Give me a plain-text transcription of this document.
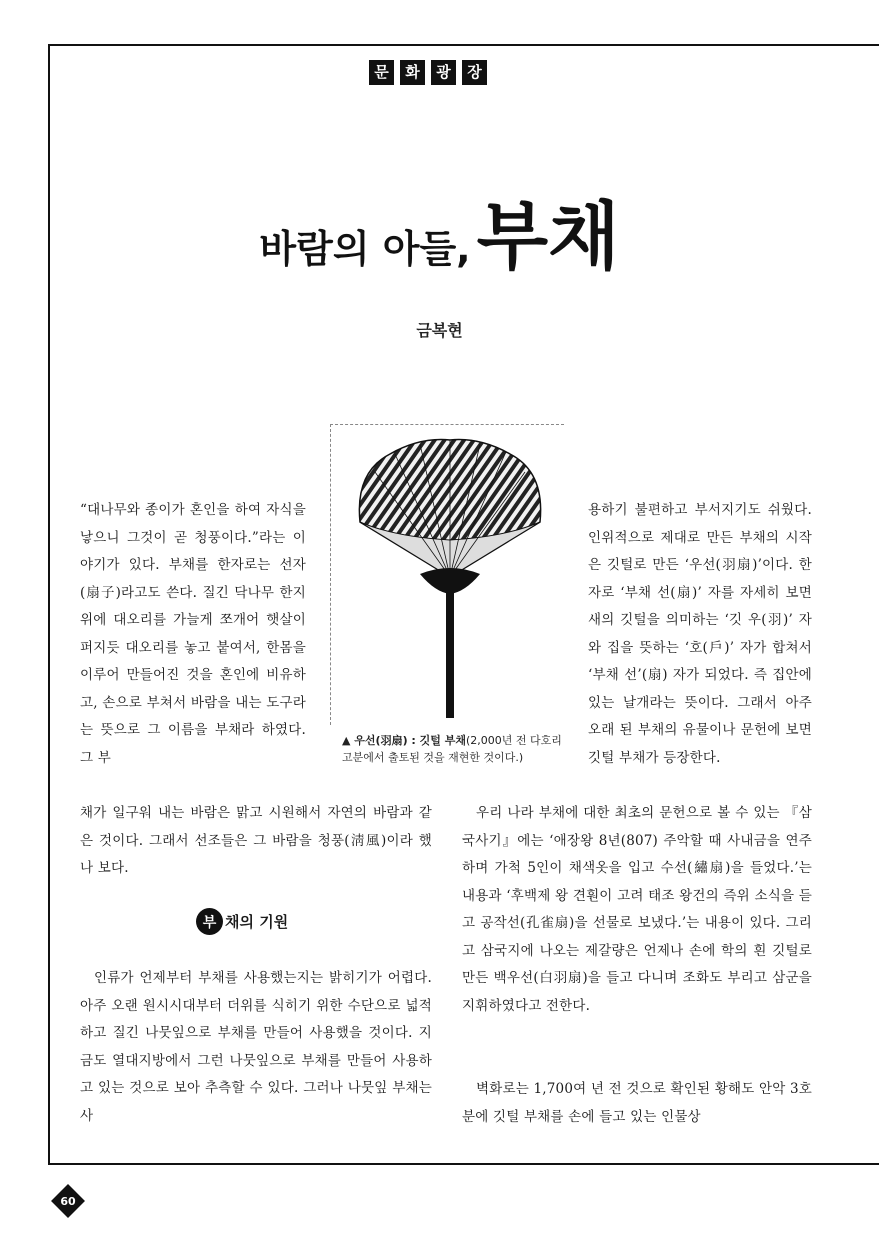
문	화	광	장
바람의 아들,부채
금복현
▲ 우선(羽扇) : 깃털 부채(2,000년 전 다호리 고분에서 출토된 것을 재현한 것이다.)

“대나무와 종이가 혼인을 하여 자식을 낳으니 그것이 곧 청풍이다.”라는 이야기가 있다. 부채를 한자로는 선자(扇子)라고도 쓴다. 질긴 닥나무 한지 위에 대오리를 가늘게 쪼개어 햇살이 퍼지듯 대오리를 놓고 붙여서, 한몸을 이루어 만들어진 것을 혼인에 비유하고, 손으로 부쳐서 바람을 내는 도구라는 뜻으로 그 이름을 부채라 하였다. 그 부

채가 일구워 내는 바람은 맑고 시원해서 자연의 바람과 같은 것이다. 그래서 선조들은 그 바람을 청풍(淸風)이라 했나 보다.

부 채의 기원

인류가 언제부터 부채를 사용했는지는 밝히기가 어렵다. 아주 오랜 원시시대부터 더위를 식히기 위한 수단으로 넓적하고 질긴 나뭇잎으로 부채를 만들어 사용했을 것이다. 지금도 열대지방에서 그런 나뭇잎으로 부채를 만들어 사용하고 있는 것으로 보아 추측할 수 있다. 그러나 나뭇잎 부채는 사

용하기 불편하고 부서지기도 쉬웠다. 인위적으로 제대로 만든 부채의 시작은 깃털로 만든 ‘우선(羽扇)’이다. 한자로 ‘부채 선(扇)’ 자를 자세히 보면 새의 깃털을 의미하는 ‘깃 우(羽)’ 자와 집을 뜻하는 ‘호(戶)’ 자가 합쳐서 ‘부채 선’(扇) 자가 되었다. 즉 집안에 있는 날개라는 뜻이다. 그래서 아주 오래 된 부채의 유물이나 문헌에 보면 깃털 부채가 등장한다.

우리 나라 부채에 대한 최초의 문헌으로 볼 수 있는 『삼국사기』에는 ‘애장왕 8년(807) 주악할 때 사내금을 연주하며 가척 5인이 채색옷을 입고 수선(繡扇)을 들었다.’는 내용과 ‘후백제 왕 견훤이 고려 태조 왕건의 즉위 소식을 듣고 공작선(孔雀扇)을 선물로 보냈다.’는 내용이 있다. 그리고 삼국지에 나오는 제갈량은 언제나 손에 학의 흰 깃털로 만든 백우선(白羽扇)을 들고 다니며 조화도 부리고 삼군을 지휘하였다고 전한다.

벽화로는 1,700여 년 전 것으로 확인된 황해도 안악 3호분에 깃털 부채를 손에 들고 있는 인물상

60
